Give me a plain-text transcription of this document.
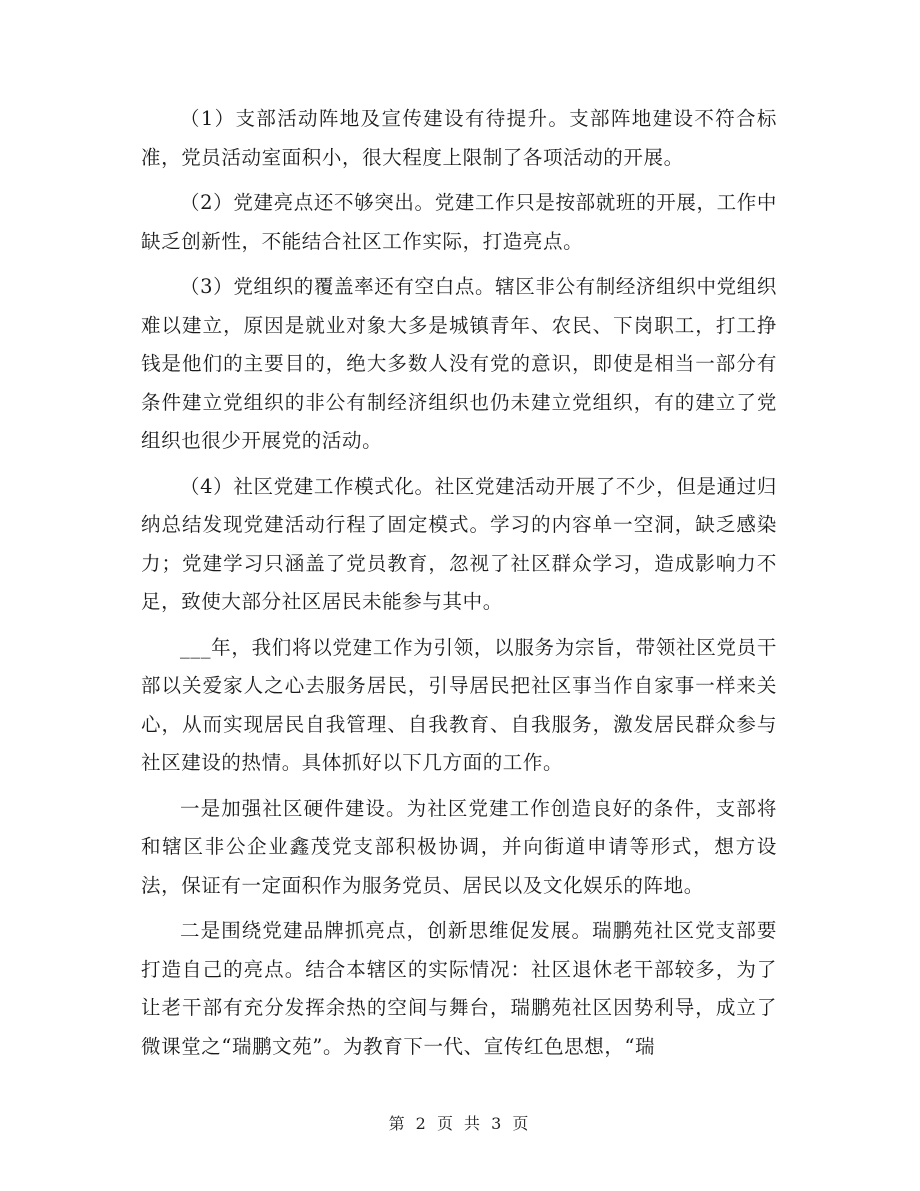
（1）支部活动阵地及宣传建设有待提升。支部阵地建设不符合标准，党员活动室面积小，很大程度上限制了各项活动的开展。

（2）党建亮点还不够突出。党建工作只是按部就班的开展，工作中缺乏创新性，不能结合社区工作实际，打造亮点。

（3）党组织的覆盖率还有空白点。辖区非公有制经济组织中党组织难以建立，原因是就业对象大多是城镇青年、农民、下岗职工，打工挣钱是他们的主要目的，绝大多数人没有党的意识，即使是相当一部分有条件建立党组织的非公有制经济组织也仍未建立党组织，有的建立了党组织也很少开展党的活动。

（4）社区党建工作模式化。社区党建活动开展了不少，但是通过归纳总结发现党建活动行程了固定模式。学习的内容单一空洞，缺乏感染力；党建学习只涵盖了党员教育，忽视了社区群众学习，造成影响力不足，致使大部分社区居民未能参与其中。

___年，我们将以党建工作为引领，以服务为宗旨，带领社区党员干部以关爱家人之心去服务居民，引导居民把社区事当作自家事一样来关心，从而实现居民自我管理、自我教育、自我服务，激发居民群众参与社区建设的热情。具体抓好以下几方面的工作。

一是加强社区硬件建设。为社区党建工作创造良好的条件，支部将和辖区非公企业鑫茂党支部积极协调，并向街道申请等形式，想方设法，保证有一定面积作为服务党员、居民以及文化娱乐的阵地。

二是围绕党建品牌抓亮点，创新思维促发展。瑞鹏苑社区党支部要打造自己的亮点。结合本辖区的实际情况：社区退休老干部较多，为了让老干部有充分发挥余热的空间与舞台，瑞鹏苑社区因势利导，成立了微课堂之“瑞鹏文苑”。为教育下一代、宣传红色思想，“瑞

第 2 页 共 3 页
